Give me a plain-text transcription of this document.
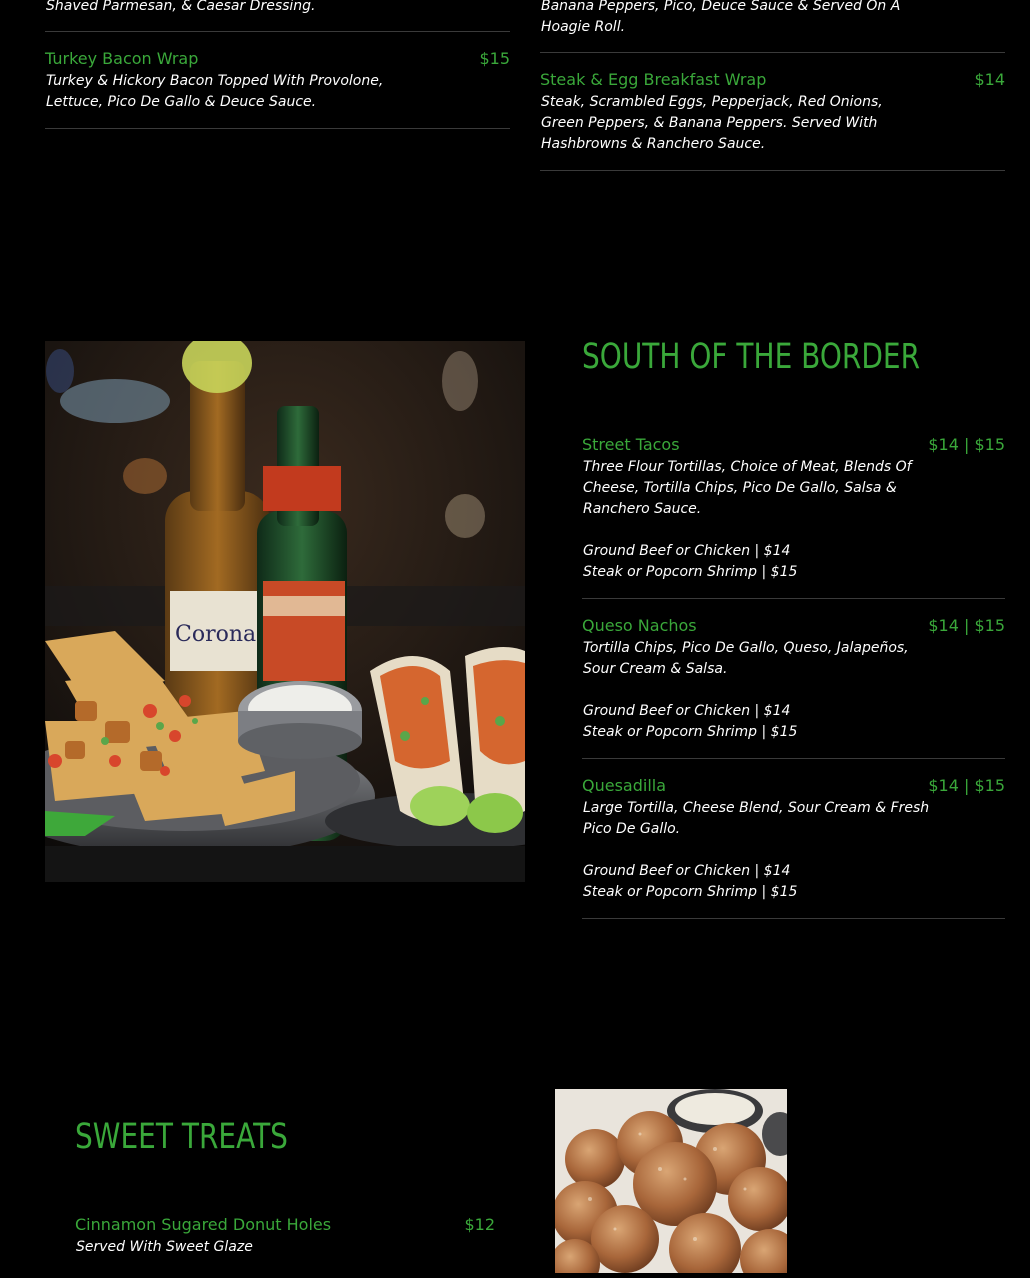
Shaved Parmesan, & Caesar Dressing.
Turkey Bacon Wrap	$15
Turkey & Hickory Bacon Topped With Provolone,
Lettuce, Pico De Gallo & Deuce Sauce.
Banana Peppers, Pico, Deuce Sauce & Served On A
Hoagie Roll.
Steak & Egg Breakfast Wrap	$14
Steak, Scrambled Eggs, Pepperjack, Red Onions,
Green Peppers, & Banana Peppers. Served With
Hashbrowns & Ranchero Sauce.
Corona
SOUTH OF THE BORDER
Street Tacos	$14 | $15
Three Flour Tortillas, Choice of Meat, Blends Of
Cheese, Tortilla Chips, Pico De Gallo, Salsa &
Ranchero Sauce.
Ground Beef or Chicken | $14
Steak or Popcorn Shrimp | $15
Queso Nachos	$14 | $15
Tortilla Chips, Pico De Gallo, Queso, Jalapeños,
Sour Cream & Salsa.
Ground Beef or Chicken | $14
Steak or Popcorn Shrimp | $15
Quesadilla	$14 | $15
Large Tortilla, Cheese Blend, Sour Cream & Fresh
Pico De Gallo.
Ground Beef or Chicken | $14
Steak or Popcorn Shrimp | $15
SWEET TREATS
Cinnamon Sugared Donut Holes	$12
Served With Sweet Glaze
